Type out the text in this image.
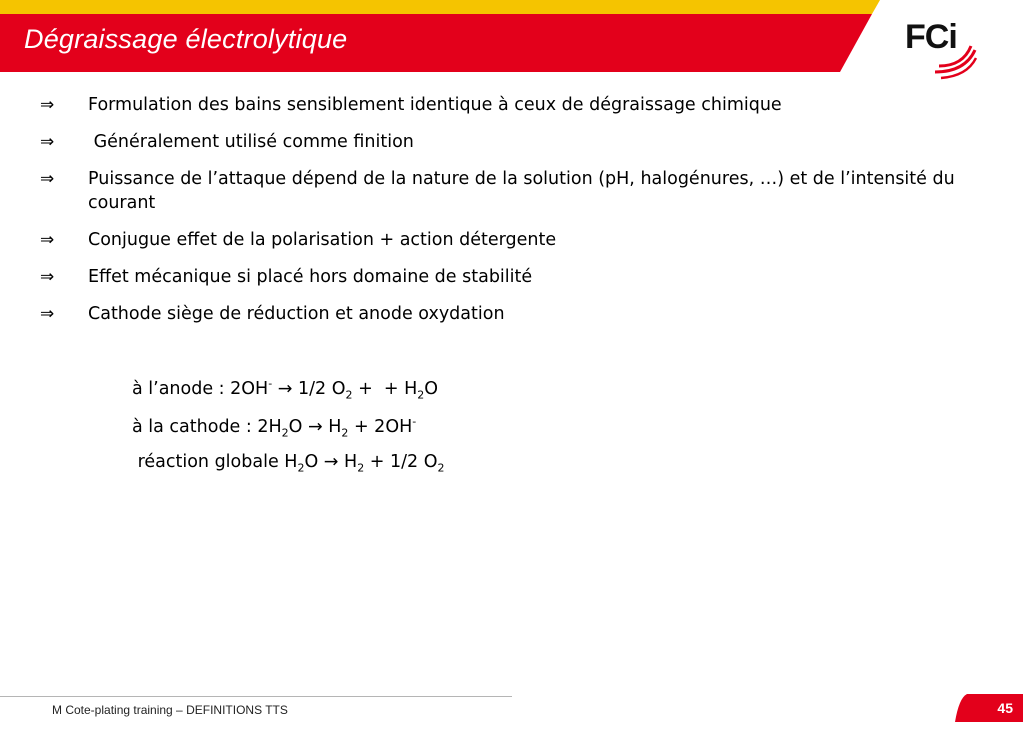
Dégraissage électrolytique	FCi
⇒ Formulation des bains sensiblement identique à ceux de dégraissage chimique
⇒ Généralement utilisé comme finition
⇒ Puissance de l’attaque dépend de la nature de la solution (pH, halogénures, …) et de l’intensité du courant
⇒ Conjugue effet de la polarisation + action détergente
⇒ Effet mécanique si placé hors domaine de stabilité
⇒ Cathode siège de réduction et anode oxydation
à l’anode : 2OH- → 1/2 $O_2$ +  + $H_2O$
à la cathode : $2H_2O \to H_2 + 2OH^-$
réaction globale $H_2O \to H_2 + 1/2$ $O_2$
M Cote-plating training – DEFINITIONS TTS	45
